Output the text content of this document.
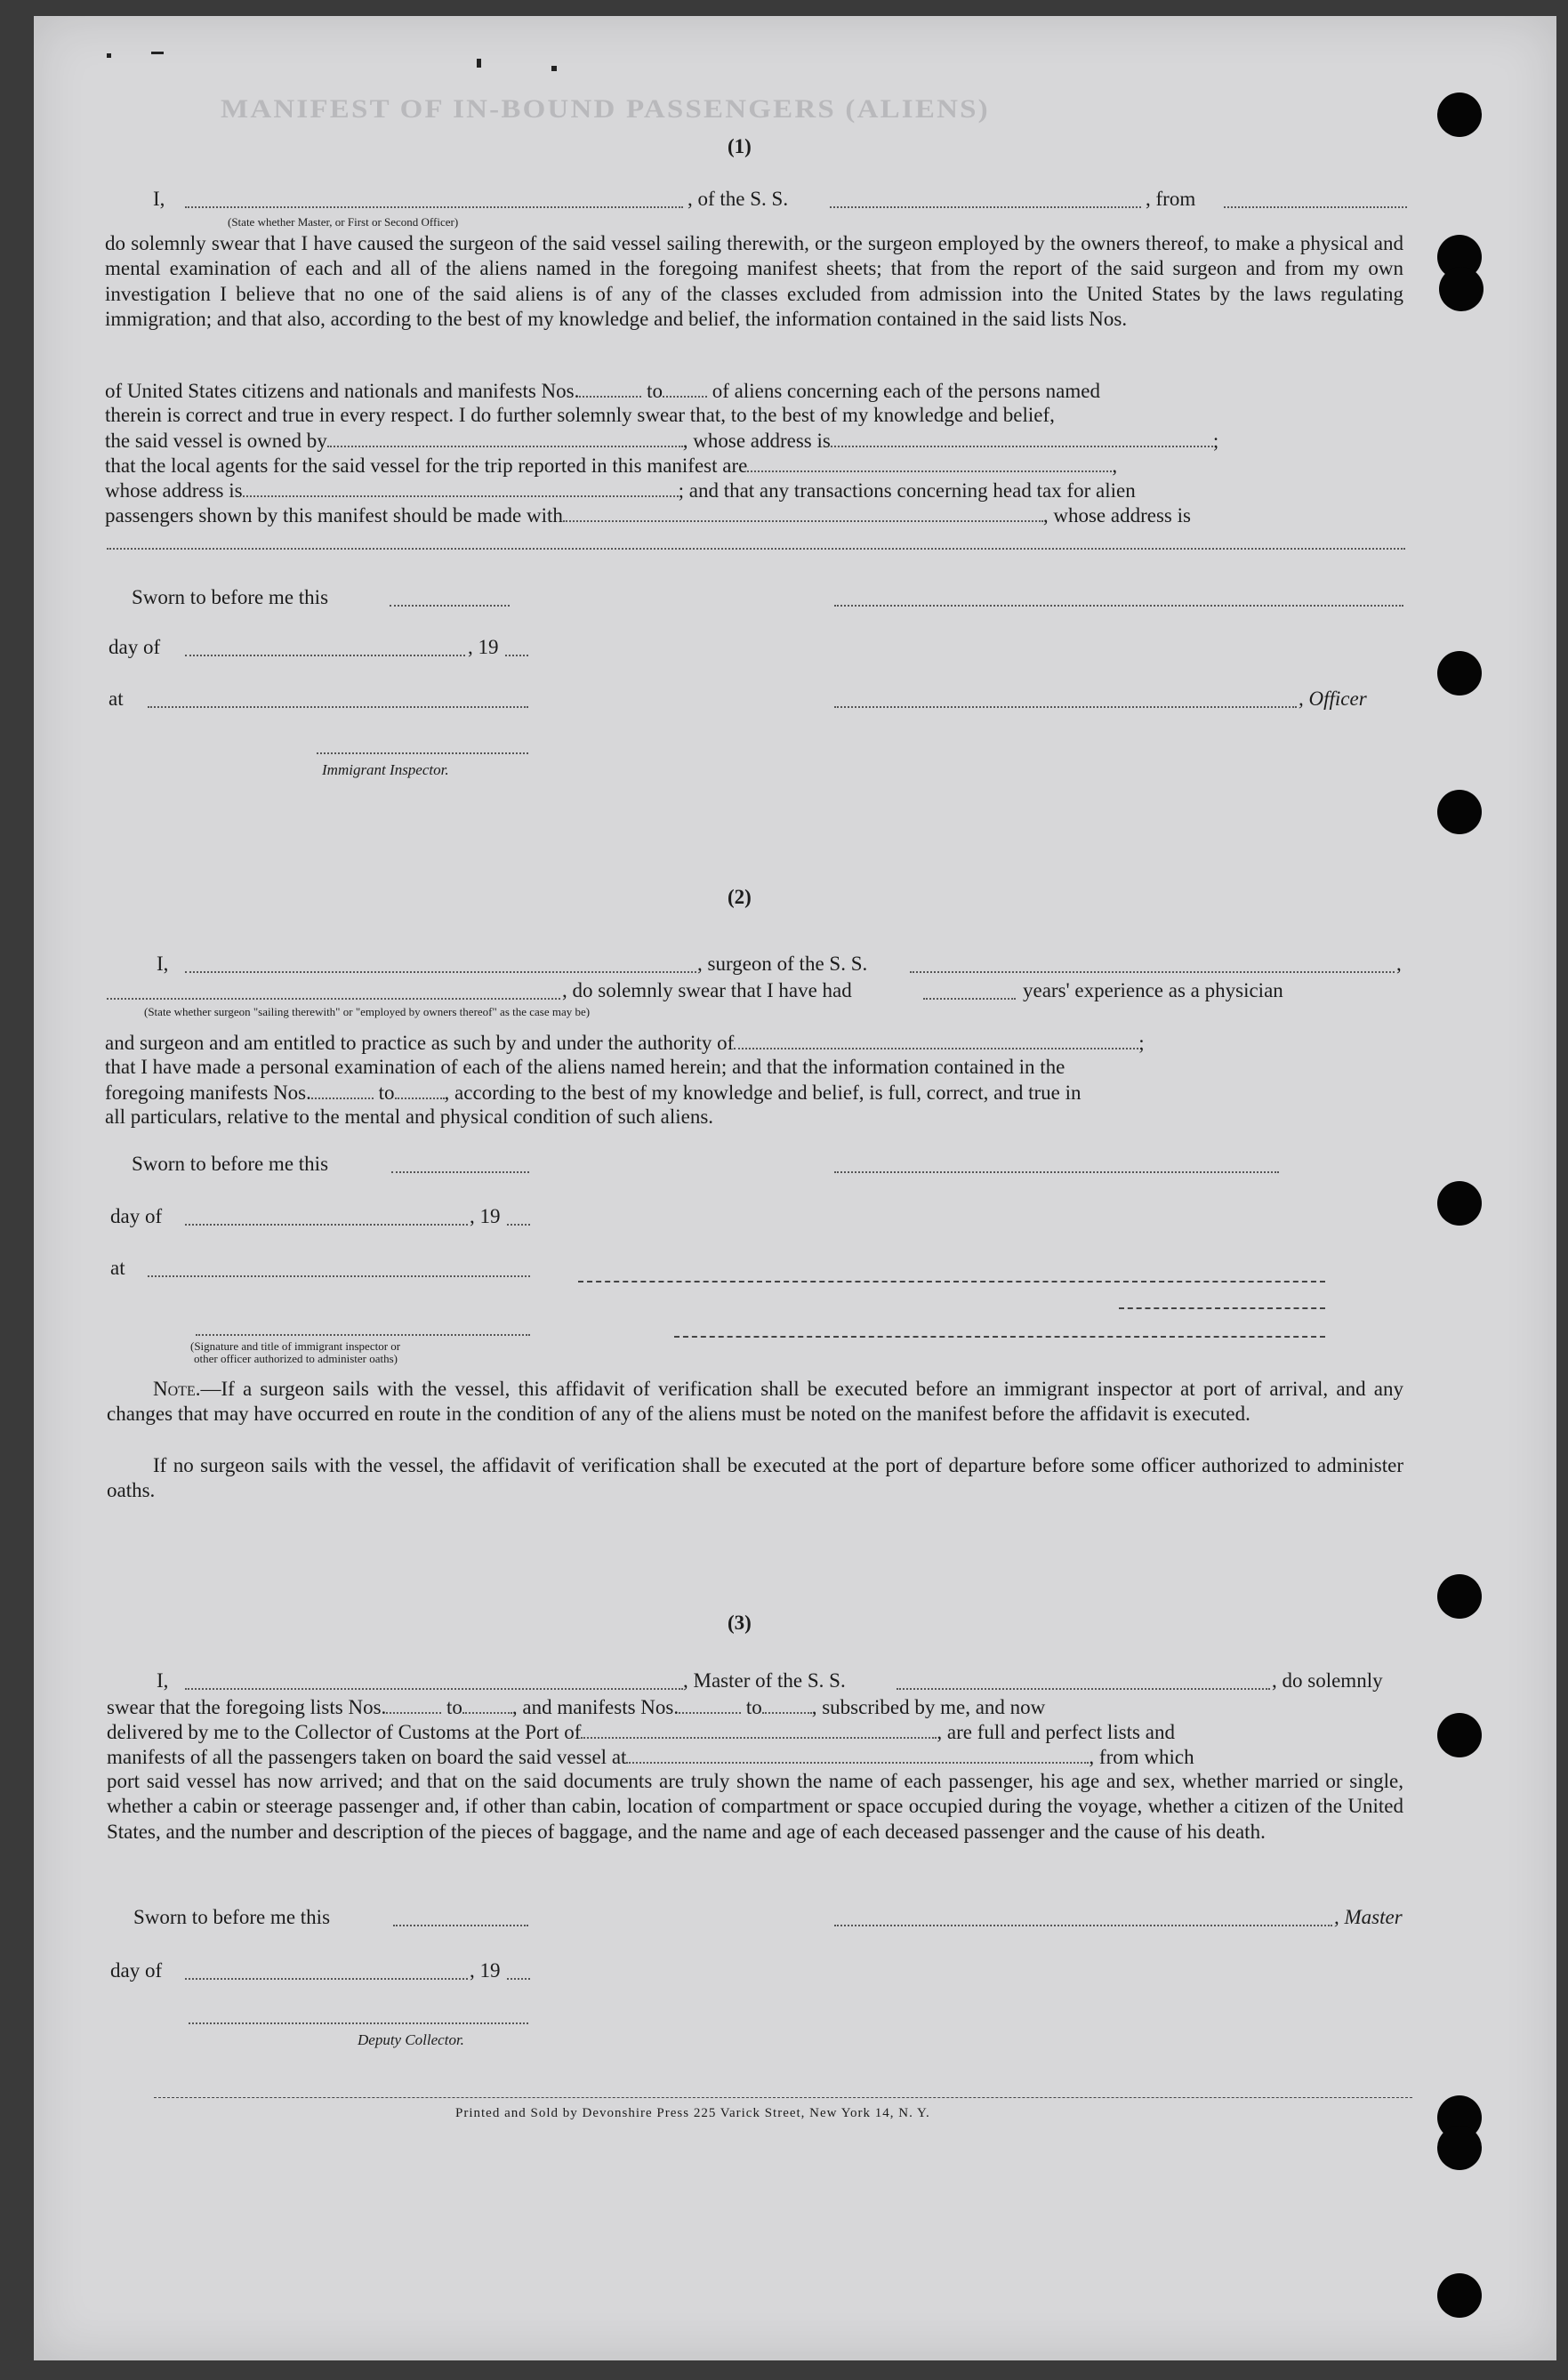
MANIFEST OF IN-BOUND PASSENGERS (ALIENS)
(1)
I,	, of the S. S.	, from
(State whether Master, or First or Second Officer)
do solemnly swear that I have caused the surgeon of the said vessel sailing therewith, or the surgeon employed by the owners thereof, to make a physical and mental examination of each and all of the aliens named in the foregoing manifest sheets; that from the report of the said surgeon and from my own investigation I believe that no one of the said aliens is of any of the classes excluded from admission into the United States by the laws regulating immigration; and that also, according to the best of my knowledge and belief, the information contained in the said lists Nos.
of United States citizens and nationals and manifests Nos.	to of aliens concerning each of the persons named
therein is correct and true in every respect. I do further solemnly swear that, to the best of my knowledge and belief,
the said vessel is owned by	, whose address is	;
that the local agents for the said vessel for the trip reported in this manifest are	,
whose address is	; and that any transactions concerning head tax for alien
passengers shown by this manifest should be made with	, whose address is
Sworn to before me this
day of	, 19
at	, Officer
Immigrant Inspector.
(2)
I,	, surgeon of the S. S.	,
, do solemnly swear that I have had	years' experience as a physician
(State whether surgeon "sailing therewith" or "employed by owners thereof" as the case may be)
and surgeon and am entitled to practice as such by and under the authority of	;
that I have made a personal examination of each of the aliens named herein; and that the information contained in the
foregoing manifests Nos.	to , according to the best of my knowledge and belief, is full, correct, and true in
all particulars, relative to the mental and physical condition of such aliens.
Sworn to before me this
day of	, 19
at
(Signature and title of immigrant inspector or
other officer authorized to administer oaths)
Note.—If a surgeon sails with the vessel, this affidavit of verification shall be executed before an immigrant inspector at port of arrival, and any changes that may have occurred en route in the condition of any of the aliens must be noted on the manifest before the affidavit is executed.
If no surgeon sails with the vessel, the affidavit of verification shall be executed at the port of departure before some officer authorized to administer oaths.
(3)
I,	, Master of the S. S.	, do solemnly
swear that the foregoing lists Nos.	to , and manifests Nos.	to , subscribed by me, and now
delivered by me to the Collector of Customs at the Port of	, are full and perfect lists and
manifests of all the passengers taken on board the said vessel at	, from which
port said vessel has now arrived; and that on the said documents are truly shown the name of each passenger, his age and sex, whether married or single, whether a cabin or steerage passenger and, if other than cabin, location of compartment or space occupied during the voyage, whether a citizen of the United States, and the number and description of the pieces of baggage, and the name and age of each deceased passenger and the cause of his death.
Sworn to before me this	, Master
day of	, 19
Deputy Collector.
Printed and Sold by Devonshire Press 225 Varick Street, New York 14, N. Y.
